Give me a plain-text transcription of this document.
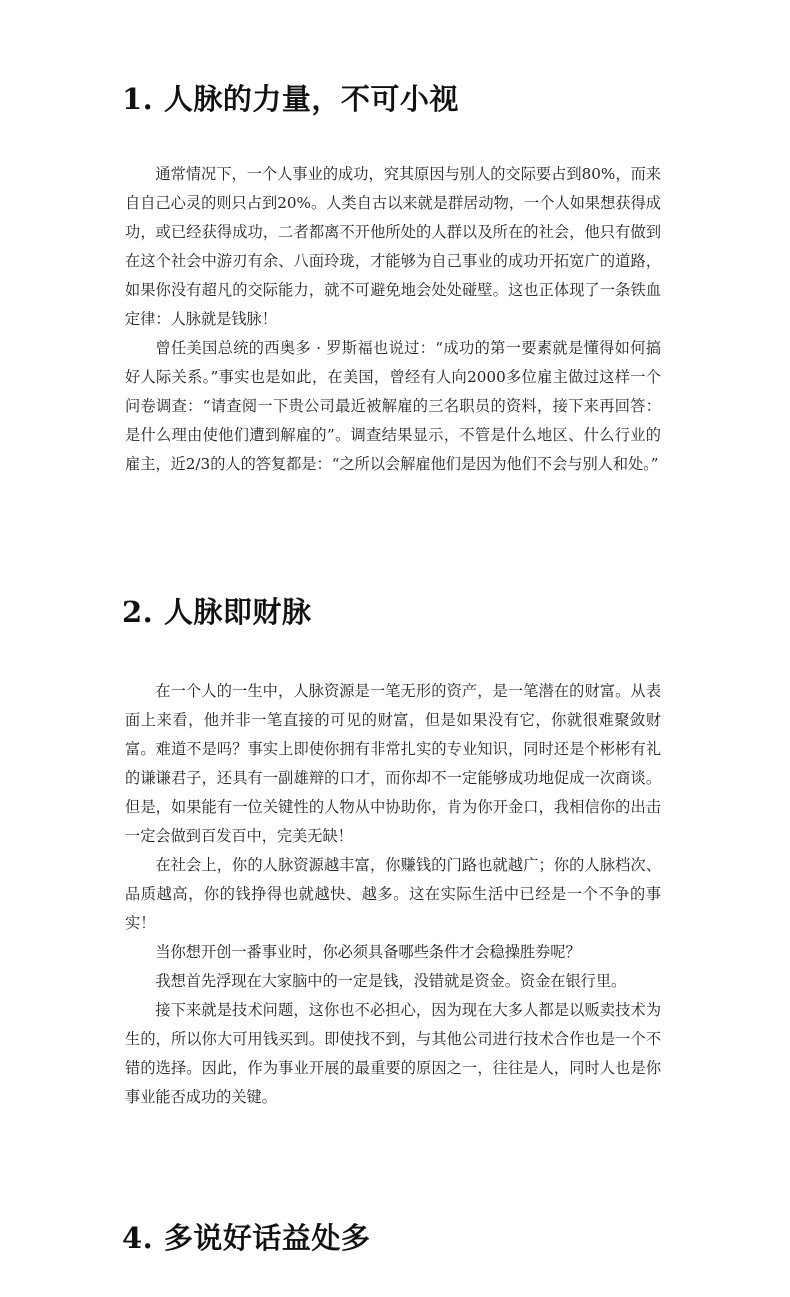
1. 人脉的力量，不可小视

通常情况下，一个人事业的成功，究其原因与别人的交际要占到80%，而来自自己心灵的则只占到20%。人类自古以来就是群居动物，一个人如果想获得成功，或已经获得成功，二者都离不开他所处的人群以及所在的社会，他只有做到在这个社会中游刃有余、八面玲珑，才能够为自己事业的成功开拓宽广的道路，如果你没有超凡的交际能力，就不可避免地会处处碰壁。这也正体现了一条铁血定律：人脉就是钱脉！

曾任美国总统的西奥多 · 罗斯福也说过：“成功的第一要素就是懂得如何搞好人际关系。”事实也是如此，在美国，曾经有人向2000多位雇主做过这样一个问卷调查：“请查阅一下贵公司最近被解雇的三名职员的资料，接下来再回答：是什么理由使他们遭到解雇的”。调查结果显示，不管是什么地区、什么行业的雇主，近2/3的人的答复都是：“之所以会解雇他们是因为他们不会与别人和处。”

2. 人脉即财脉

在一个人的一生中，人脉资源是一笔无形的资产，是一笔潜在的财富。从表面上来看，他并非一笔直接的可见的财富，但是如果没有它，你就很难聚敛财富。难道不是吗？事实上即使你拥有非常扎实的专业知识，同时还是个彬彬有礼的谦谦君子，还具有一副雄辩的口才，而你却不一定能够成功地促成一次商谈。但是，如果能有一位关键性的人物从中协助你，肯为你开金口，我相信你的出击一定会做到百发百中，完美无缺！

在社会上，你的人脉资源越丰富，你赚钱的门路也就越广；你的人脉档次、品质越高，你的钱挣得也就越快、越多。这在实际生活中已经是一个不争的事实！

当你想开创一番事业时，你必须具备哪些条件才会稳操胜券呢？

我想首先浮现在大家脑中的一定是钱，没错就是资金。资金在银行里。

接下来就是技术问题，这你也不必担心，因为现在大多人都是以贩卖技术为生的，所以你大可用钱买到。即使找不到，与其他公司进行技术合作也是一个不错的选择。因此，作为事业开展的最重要的原因之一，往往是人，同时人也是你事业能否成功的关键。

4. 多说好话益处多
